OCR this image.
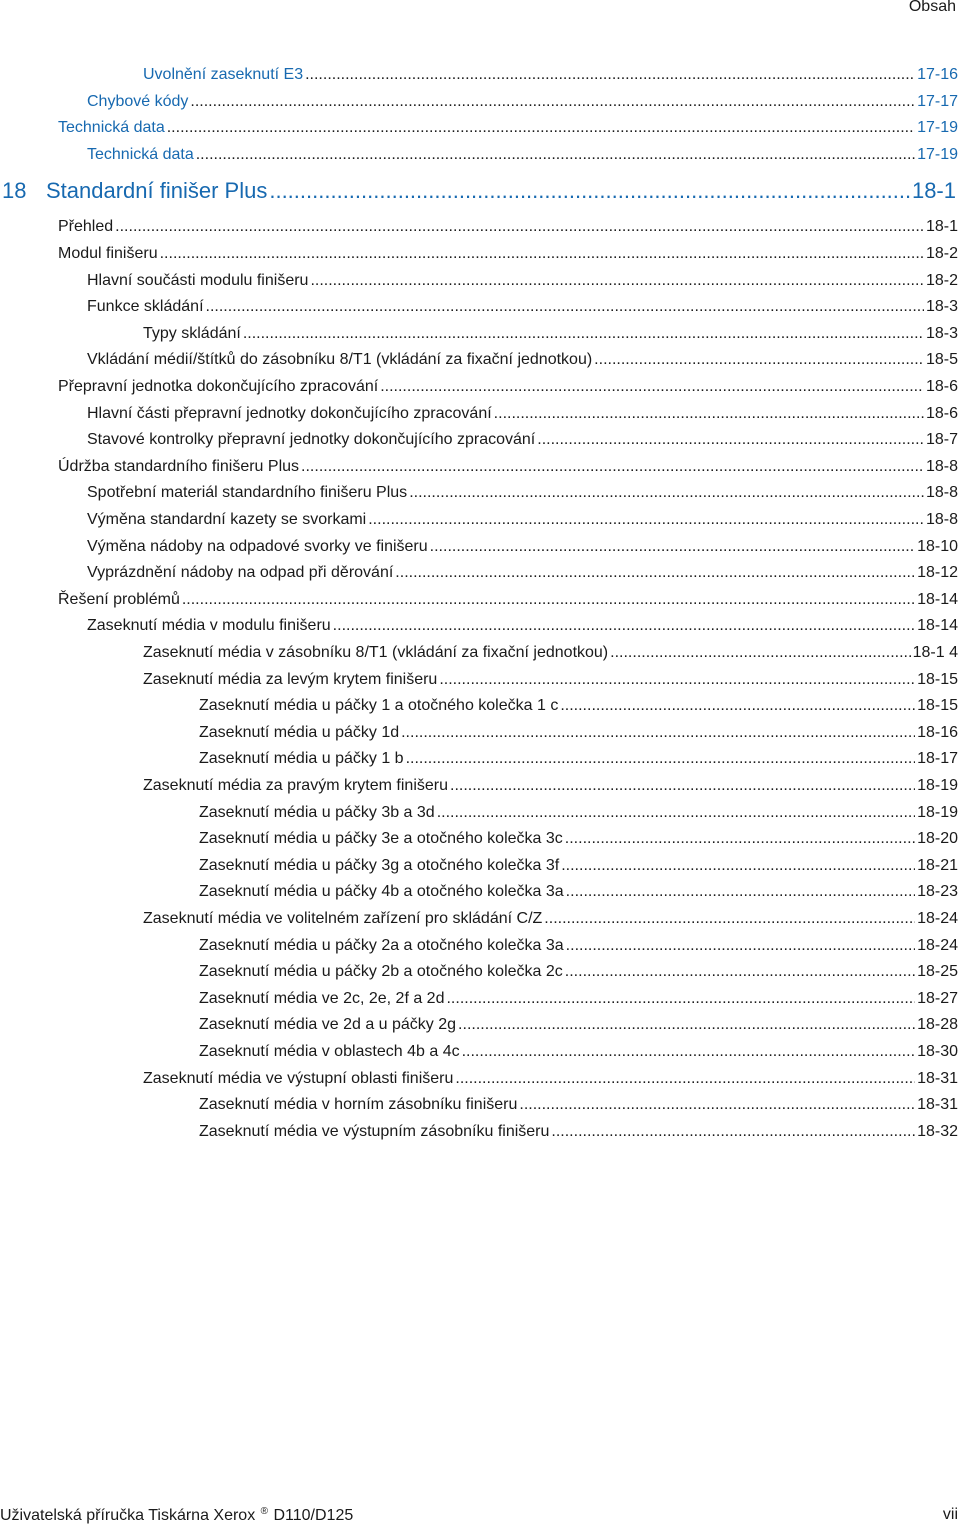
Obsah
Uvolnění zaseknutí E3 .....	17-16
Chybové kódy .....	17-17
Technická data .....	17-19
Technická data .....	17-19
18 Standardní finišer Plus .....	18-1
Přehled .....	18-1
Modul finišeru .....	18-2
Hlavní součásti modulu finišeru .....	18-2
Funkce skládání .....	18-3
Typy skládání .....	18-3
Vkládání médií/štítků do zásobníku 8/T1 (vkládání za fixační jednotkou) .....	18-5
Přepravní jednotka dokončujícího zpracování .....	18-6
Hlavní části přepravní jednotky dokončujícího zpracování .....	18-6
Stavové kontrolky přepravní jednotky dokončujícího zpracování .....	18-7
Údržba standardního finišeru Plus .....	18-8
Spotřební materiál standardního finišeru Plus .....	18-8
Výměna standardní kazety se svorkami .....	18-8
Výměna nádoby na odpadové svorky ve finišeru .....	18-10
Vyprázdnění nádoby na odpad při děrování .....	18-12
Řešení problémů .....	18-14
Zaseknutí média v modulu finišeru .....	18-14
Zaseknutí média v zásobníku 8/T1 (vkládání za fixační jednotkou) .....	18-1 4
Zaseknutí média za levým krytem finišeru .....	18-15
Zaseknutí média u páčky 1 a otočného kolečka 1 c .....	18-15
Zaseknutí média u páčky 1d .....	18-16
Zaseknutí média u páčky 1 b .....	18-17
Zaseknutí média za pravým krytem finišeru .....	18-19
Zaseknutí média u páčky 3b a 3d .....	18-19
Zaseknutí média u páčky 3e a otočného kolečka 3c .....	18-20
Zaseknutí média u páčky 3g a otočného kolečka 3f .....	18-21
Zaseknutí média u páčky 4b a otočného kolečka 3a .....	18-23
Zaseknutí média ve volitelném zařízení pro skládání C/Z .....	18-24
Zaseknutí média u páčky 2a a otočného kolečka 3a .....	18-24
Zaseknutí média u páčky 2b a otočného kolečka 2c .....	18-25
Zaseknutí média ve 2c, 2e, 2f a 2d .....	18-27
Zaseknutí média ve 2d a u páčky 2g .....	18-28
Zaseknutí média v oblastech 4b a 4c .....	18-30
Zaseknutí média ve výstupní oblasti finišeru .....	18-31
Zaseknutí média v horním zásobníku finišeru .....	18-31
Zaseknutí média ve výstupním zásobníku finišeru .....	18-32
Uživatelská příručka Tiskárna Xerox ® D110/D125	vii
